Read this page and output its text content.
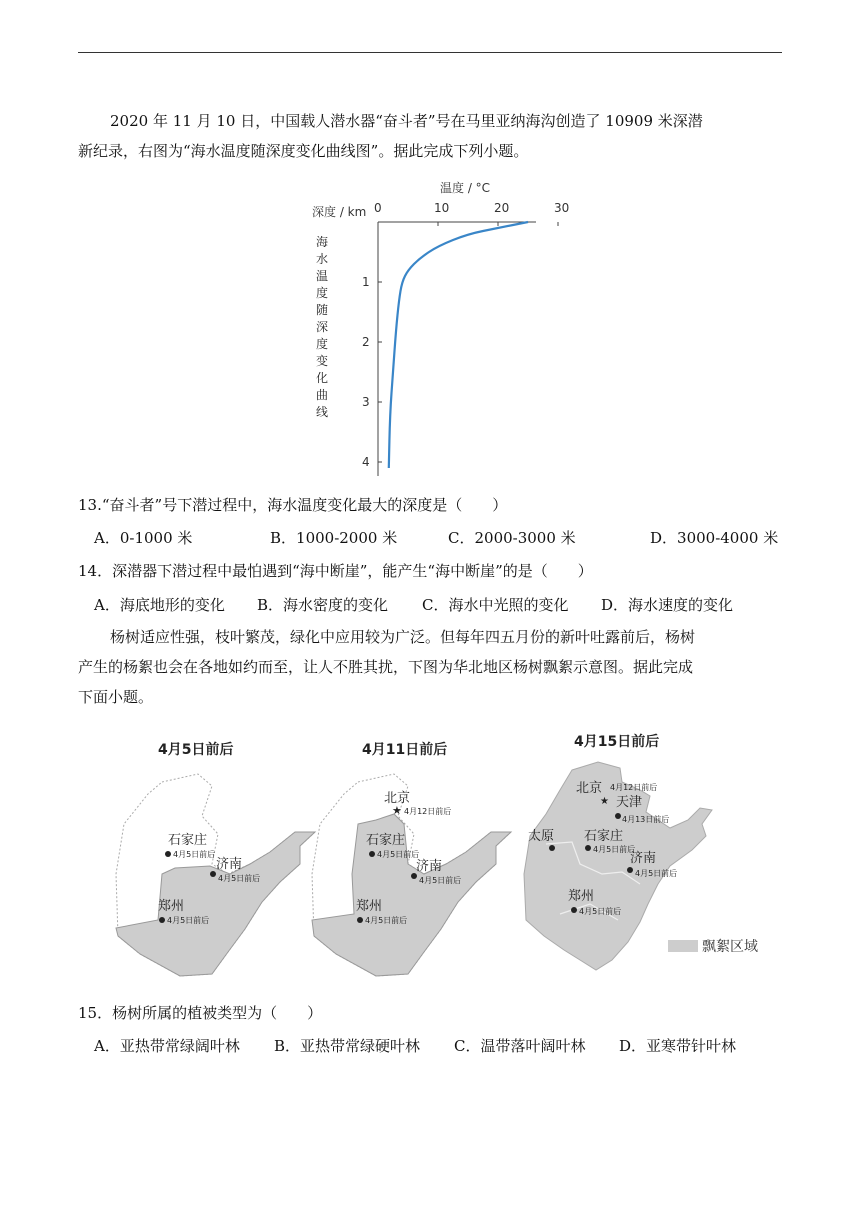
2020 年 11 月 10 日，中国载人潜水器“奋斗者”号在马里亚纳海沟创造了 10909 米深潜
新纪录，右图为“海水温度随深度变化曲线图”。据此完成下列小题。
温度 / °C
深度 / km 0	10	20	30
1
2
3
4
海水温度随深度变化曲线
13.“奋斗者”号下潜过程中，海水温度变化最大的深度是（　　）
A．0-1000 米	B．1000-2000 米	C．2000-3000 米	D．3000-4000 米
14．深潜器下潜过程中最怕遇到“海中断崖”，能产生“海中断崖”的是（　　）
A．海底地形的变化 B．海水密度的变化 C．海水中光照的变化 D．海水速度的变化
杨树适应性强，枝叶繁茂，绿化中应用较为广泛。但每年四五月份的新叶吐露前后，杨树
产生的杨絮也会在各地如约而至，让人不胜其扰，下图为华北地区杨树飘絮示意图。据此完成
下面小题。
4月5日前后
石家庄
4月5日前后
济南
4月5日前后
郑州
4月5日前后
4月11日前后
北京
★ 4月12日前后
石家庄
4月5日前后
济南
4月5日前后
郑州
4月5日前后
4月15日前后
北京
★
4月12日前后
天津
4月13日前后
太原 石家庄
4月5日前后
济南
4月5日前后
郑州
4月5日前后
飘絮区域
15．杨树所属的植被类型为（　　）
A．亚热带常绿阔叶林 B．亚热带常绿硬叶林 C．温带落叶阔叶林 D．亚寒带针叶林
